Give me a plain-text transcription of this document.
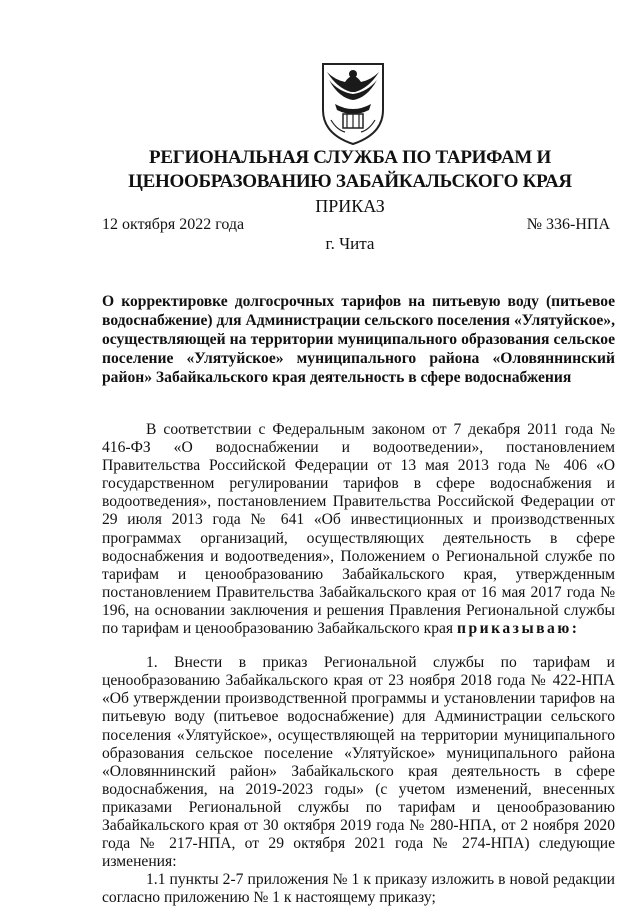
РЕГИОНАЛЬНАЯ СЛУЖБА ПО ТАРИФАМ И
ЦЕНООБРАЗОВАНИЮ ЗАБАЙКАЛЬСКОГО КРАЯ
ПРИКАЗ
12 октября 2022 года	№ 336-НПА
г. Чита
О корректировке долгосрочных тарифов на питьевую воду (питьевое водоснабжение) для Администрации сельского поселения «Улятуйское», осуществляющей на территории муниципального образования сельское поселение «Улятуйское» муниципального района «Оловяннинский район» Забайкальского края деятельность в сфере водоснабжения

В соответствии с Федеральным законом от 7 декабря 2011 года № 416-ФЗ «О водоснабжении и водоотведении», постановлением Правительства Российской Федерации от 13 мая 2013 года № 406 «О государственном регулировании тарифов в сфере водоснабжения и водоотведения», постановлением Правительства Российской Федерации от 29 июля 2013 года № 641 «Об инвестиционных и производственных программах организаций, осуществляющих деятельность в сфере водоснабжения и водоотведения», Положением о Региональной службе по тарифам и ценообразованию Забайкальского края, утвержденным постановлением Правительства Забайкальского края от 16 мая 2017 года № 196, на основании заключения и решения Правления Региональной службы по тарифам и ценообразованию Забайкальского края приказываю:

1. Внести в приказ Региональной службы по тарифам и ценообразованию Забайкальского края от 23 ноября 2018 года № 422-НПА «Об утверждении производственной программы и установлении тарифов на питьевую воду (питьевое водоснабжение) для Администрации сельского поселения «Улятуйское», осуществляющей на территории муниципального образования сельское поселение «Улятуйское» муниципального района «Оловяннинский район» Забайкальского края деятельность в сфере водоснабжения, на 2019-2023 годы» (с учетом изменений, внесенных приказами Региональной службы по тарифам и ценообразованию Забайкальского края от 30 октября 2019 года № 280-НПА, от 2 ноября 2020 года № 217-НПА, от 29 октября 2021 года № 274-НПА) следующие изменения:

1.1 пункты 2-7 приложения № 1 к приказу изложить в новой редакции согласно приложению № 1 к настоящему приказу;
